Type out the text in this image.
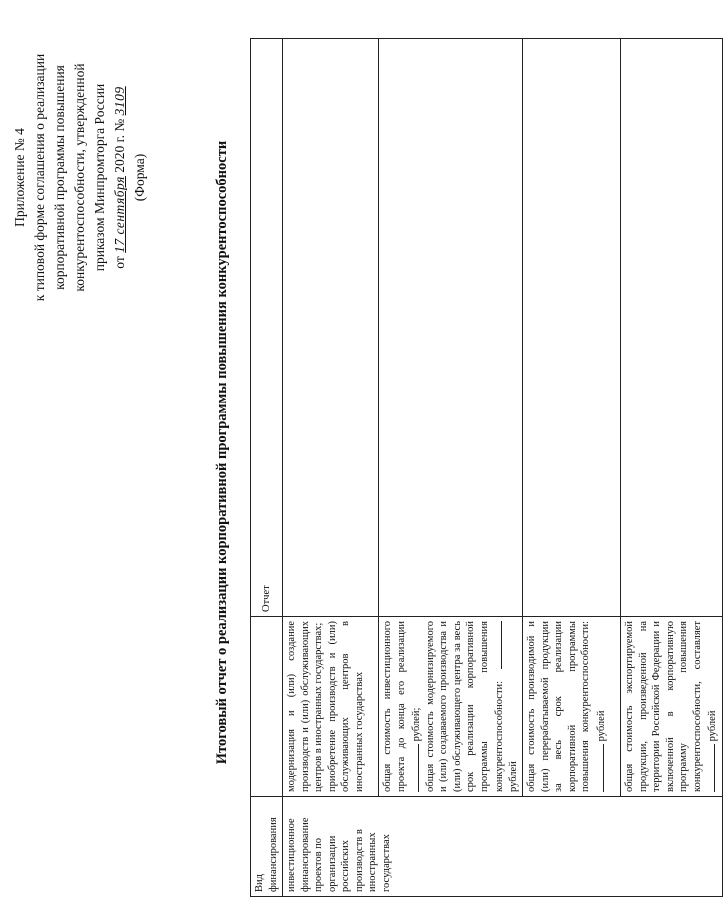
Приложение № 4 к типовой форме соглашения о реализации корпоративной программы повышения конкурентоспособности, утвержденной приказом Минпромторга России от 17 сентября 2020 г. № 3109
(Форма)	Итоговый отчет о реализации корпоративной программы повышения конкурентоспособности
Вид финансирования		Отчет
инвестиционное финансирование проектов по организации российских производств в иностранных государствах	модернизация и (или) создание производств и (или) обслуживающих центров в иностранных государствах; приобретение производств и (или) обслуживающих центров в иностранных государствах	

	общая стоимость инвестиционного проекта до конца его реализации рублей; общая стоимость модернизируемого и (или) создаваемого производства и (или) обслуживающего центра за весь срок реализации корпоративной программы повышения конкурентоспособности: рублей	

	общая стоимость производимой и (или) перерабатываемой продукции за весь срок реализации корпоративной программы повышения конкурентоспособности: рублей	
	общая стоимость экспортируемой продукции, произведенной на территории Российской Федерации и включенной в корпоративную программу повышения конкурентоспособности, составляет рублей	
